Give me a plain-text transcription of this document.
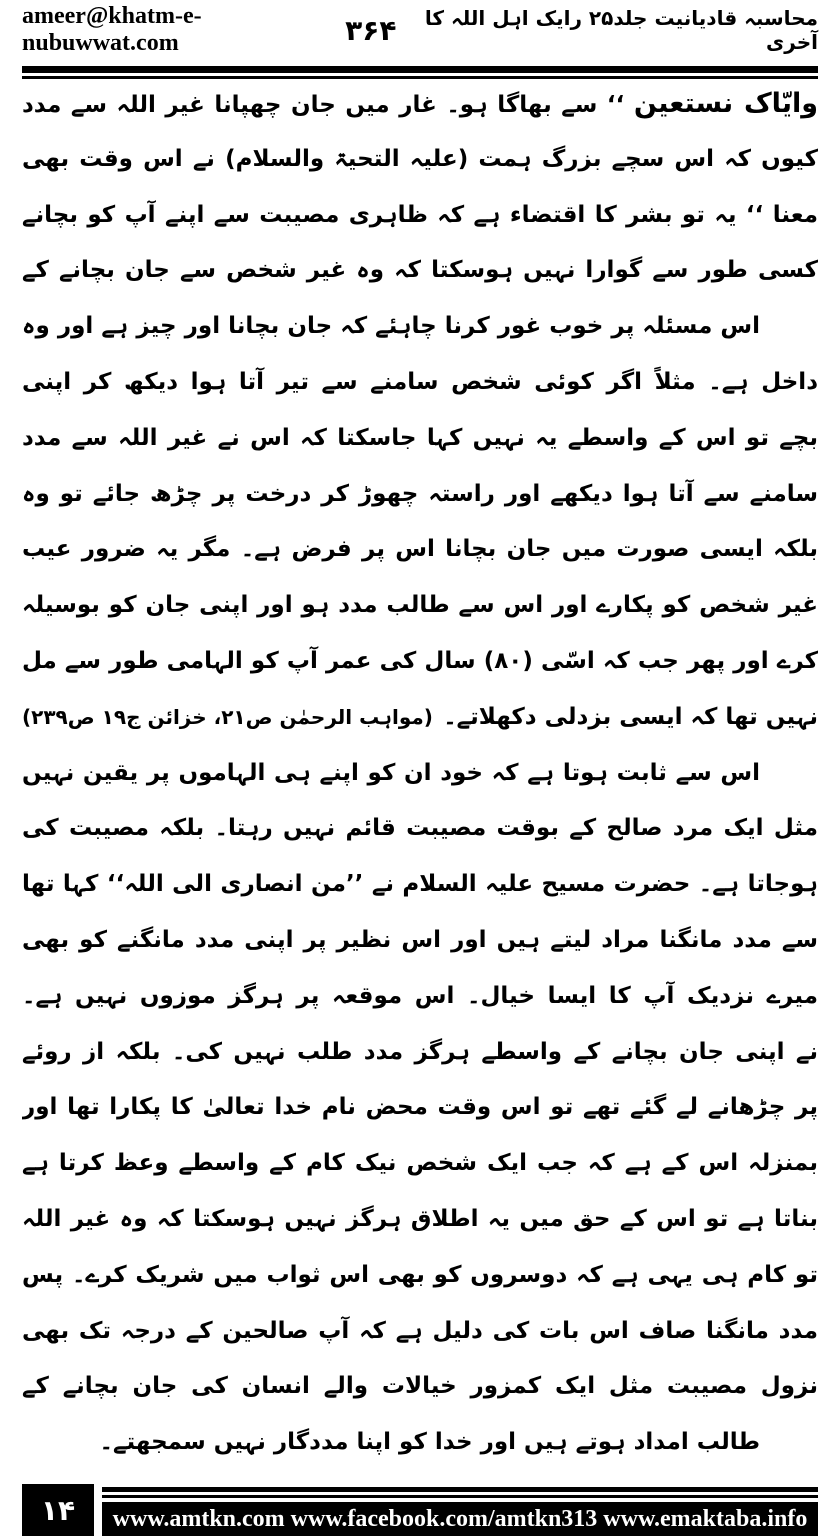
ameer@khatm-e-nubuwwat.com	۳۶۴	محاسبہ قادیانیت جلد۲۵ رایک اہل اللہ کا آخری
وایّاک نستعین ‘‘ سے بھاگا ہو۔ غار میں جان چھپانا غیر اللہ سے مدد
کیوں کہ اس سچے بزرگ ہمت (علیہ التحیۃ والسلام) نے اس وقت بھی
معنا ‘‘ یہ تو بشر کا اقتضاء ہے کہ ظاہری مصیبت سے اپنے آپ کو بچانے
کسی طور سے گوارا نہیں ہوسکتا کہ وہ غیر شخص سے جان بچانے کے
اس مسئلہ پر خوب غور کرنا چاہئے کہ جان بچانا اور چیز ہے اور وہ
داخل ہے۔ مثلاً اگر کوئی شخص سامنے سے تیر آتا ہوا دیکھ کر اپنی
بچے تو اس کے واسطے یہ نہیں کہا جاسکتا کہ اس نے غیر اللہ سے مدد
سامنے سے آتا ہوا دیکھے اور راستہ چھوڑ کر درخت پر چڑھ جائے تو وہ
بلکہ ایسی صورت میں جان بچانا اس پر فرض ہے۔ مگر یہ ضرور عیب
غیر شخص کو پکارے اور اس سے طالب مدد ہو اور اپنی جان کو بوسیلہ
کرے اور پھر جب کہ اسّی (۸۰) سال کی عمر آپ کو الہامی طور سے مل
نہیں تھا کہ ایسی بزدلی دکھلاتے۔
(مواہب الرحمٰن ص۲۱، خزائن ج۱۹ ص۲۳۹)
اس سے ثابت ہوتا ہے کہ خود ان کو اپنے ہی الہاموں پر یقین نہیں
مثل ایک مرد صالح کے بوقت مصیبت قائم نہیں رہتا۔ بلکہ مصیبت کی
ہوجاتا ہے۔ حضرت مسیح علیہ السلام نے ’’من انصاری الی اللہ‘‘ کہا تھا
سے مدد مانگنا مراد لیتے ہیں اور اس نظیر پر اپنی مدد مانگنے کو بھی
میرے نزدیک آپ کا ایسا خیال۔ اس موقعہ پر ہرگز موزوں نہیں ہے۔
نے اپنی جان بچانے کے واسطے ہرگز مدد طلب نہیں کی۔ بلکہ از روئے
پر چڑھانے لے گئے تھے تو اس وقت محض نام خدا تعالیٰ کا پکارا تھا اور
بمنزلہ اس کے ہے کہ جب ایک شخص نیک کام کے واسطے وعظ کرتا ہے
بناتا ہے تو اس کے حق میں یہ اطلاق ہرگز نہیں ہوسکتا کہ وہ غیر اللہ
تو کام ہی یہی ہے کہ دوسروں کو بھی اس ثواب میں شریک کرے۔ پس
مدد مانگنا صاف اس بات کی دلیل ہے کہ آپ صالحین کے درجہ تک بھی
نزول مصیبت مثل ایک کمزور خیالات والے انسان کی جان بچانے کے
طالب امداد ہوتے ہیں اور خدا کو اپنا مددگار نہیں سمجھتے۔
۱۴	www.amtkn.com www.facebook.com/amtkn313 www.emaktaba.info
